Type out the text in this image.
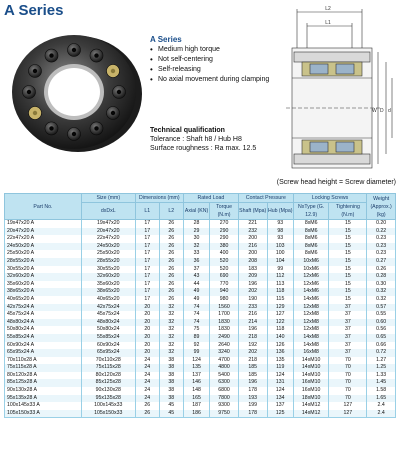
A Series
A Series
• Medium high torque
• Not self-centering
• Self-releasing
• No axial movement during clamping
Technical qualification
Tolerance : Shaft h8 / Hub H8
Surface roughness : Ra max. 12.5
L2
L1
W D d
(Screw head height = Screw diameter)
Part No.	Size (mm)	Dimensions (mm)		Rated Load		Contact Pressure		Locking Screws		Weight (Approx.) (kg)
	dxDxL	L1	L2	Axial (KN)	Torque (N.m)	Shaft (Mpa)	Hub (Mpa)	NxType (G. 12.9)	Tightening (N.m)	
19x47x20 A	19x47x20	17	26	28	270	221	93	8xM6	15	0.20
20x47x20 A	20x47x20	17	26	29	290	232	98	8xM6	15	0.22
22x47x20 A	22x47x20	17	26	30	290	200	93	8xM6	15	0.23
24x50x20 A	24x50x20	17	26	32	380	216	103	8xM6	15	0.23
25x50x20 A	25x50x20	17	26	33	400	200	100	8xM6	15	0.23
28x55x20 A	28x55x20	17	26	36	520	208	104	10xM6	15	0.27
30x55x20 A	30x55x20	17	26	37	520	183	99	10xM6	15	0.26
32x60x20 A	32x60x20	17	26	43	690	209	112	12xM6	15	0.28
35x60x20 A	35x60x20	17	26	44	770	196	113	12xM6	15	0.30
38x65x20 A	38x65x20	17	26	49	940	202	118	14xM6	15	0.32
40x65x20 A	40x65x20	17	26	49	980	190	115	14xM6	15	0.32
42x75x24 A	42x75x24	20	32	74	1560	233	129	12xM8	37	0.57
45x75x24 A	45x75x24	20	32	74	1700	216	127	12xM8	37	0.55
48x80x24 A	48x80x24	20	32	74	1830	214	122	12xM8	37	0.60
50x80x24 A	50x80x24	20	32	75	1830	196	118	12xM8	37	0.56
55x85x24 A	55x85x24	20	32	89	2490	218	140	14xM8	37	0.65
60x90x24 A	60x90x24	20	32	92	2640	192	126	14xM8	37	0.66
65x95x24 A	65x95x24	20	32	99	3240	202	136	16xM8	37	0.72
70x110x28 A	70x110x28	24	38	124	4700	218	135	14xM10	70	1.27
75x115x28 A	75x115x28	24	38	135	4800	185	119	14xM10	70	1.25
80x120x28 A	80x120x28	24	38	137	5400	185	124	14xM10	70	1.33
85x125x28 A	85x125x28	24	38	146	6300	196	131	16xM10	70	1.45
90x130x28 A	90x130x28	24	38	148	6800	178	124	16xM10	70	1.58
95x135x28 A	95x135x28	24	38	165	7800	193	134	18xM10	70	1.65
100x145x33 A	100x145x33	26	45	187	9300	199	137	14xM12	127	2.4
105x150x33 A	105x150x33	26	45	186	9750	178	125	14xM12	127	2.4
